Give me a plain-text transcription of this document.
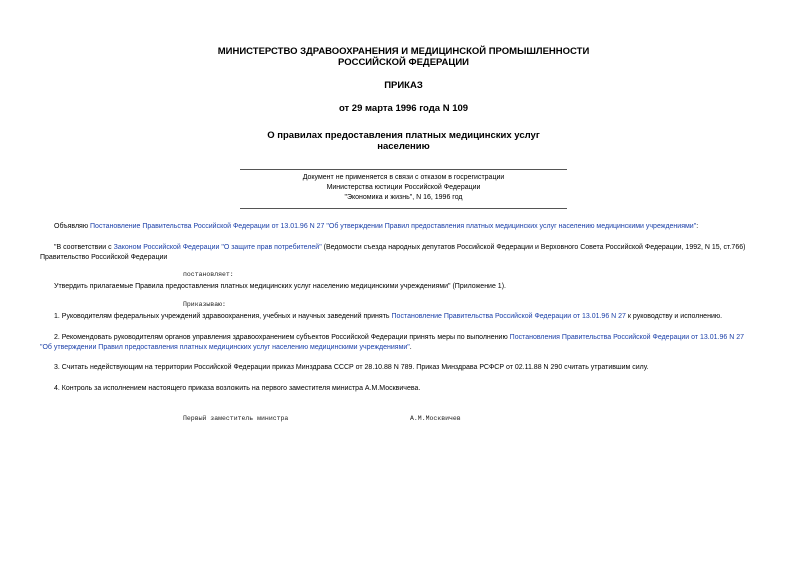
МИНИСТЕРСТВО ЗДРАВООХРАНЕНИЯ И МЕДИЦИНСКОЙ ПРОМЫШЛЕННОСТИ
РОССИЙСКОЙ ФЕДЕРАЦИИ
ПРИКАЗ
от 29 марта 1996 года N 109
О правилах предоставления платных медицинских услуг
населению
Документ не применяется в связи с отказом в госрегистрации
Министерства юстиции Российской Федерации
"Экономика и жизнь", N 16, 1996 год
Объявляю Постановление Правительства Российской Федерации от 13.01.96 N 27 "Об утверждении Правил предоставления платных медицинских услуг населению медицинскими учреждениями":
"В соответствии с Законом Российской Федерации "О защите прав потребителей" (Ведомости съезда народных депутатов Российской Федерации и Верховного Совета Российской Федерации, 1992, N 15, ст.766)
Правительство Российской Федерации
постановляет:
Утвердить прилагаемые Правила предоставления платных медицинских услуг населению медицинскими учреждениями" (Приложение 1).
Приказываю:
1. Руководителям федеральных учреждений здравоохранения, учебных и научных заведений принять Постановление Правительства Российской Федерации от 13.01.96 N 27 к руководству и исполнению.
2. Рекомендовать руководителям органов управления здравоохранением субъектов Российской Федерации принять меры по выполнению Постановления Правительства Российской Федерации от 13.01.96 N 27
"Об утверждении Правил предоставления платных медицинских услуг населению медицинскими учреждениями".
3. Считать недействующим на территории Российской Федерации приказ Минздрава СССР от 28.10.88 N 789. Приказ Минздрава РСФСР от 02.11.88 N 290 считать утратившим силу.
4. Контроль за исполнением настоящего приказа возложить на первого заместителя министра А.М.Москвичева.
Первый заместитель министра	А.М.Москвичев
